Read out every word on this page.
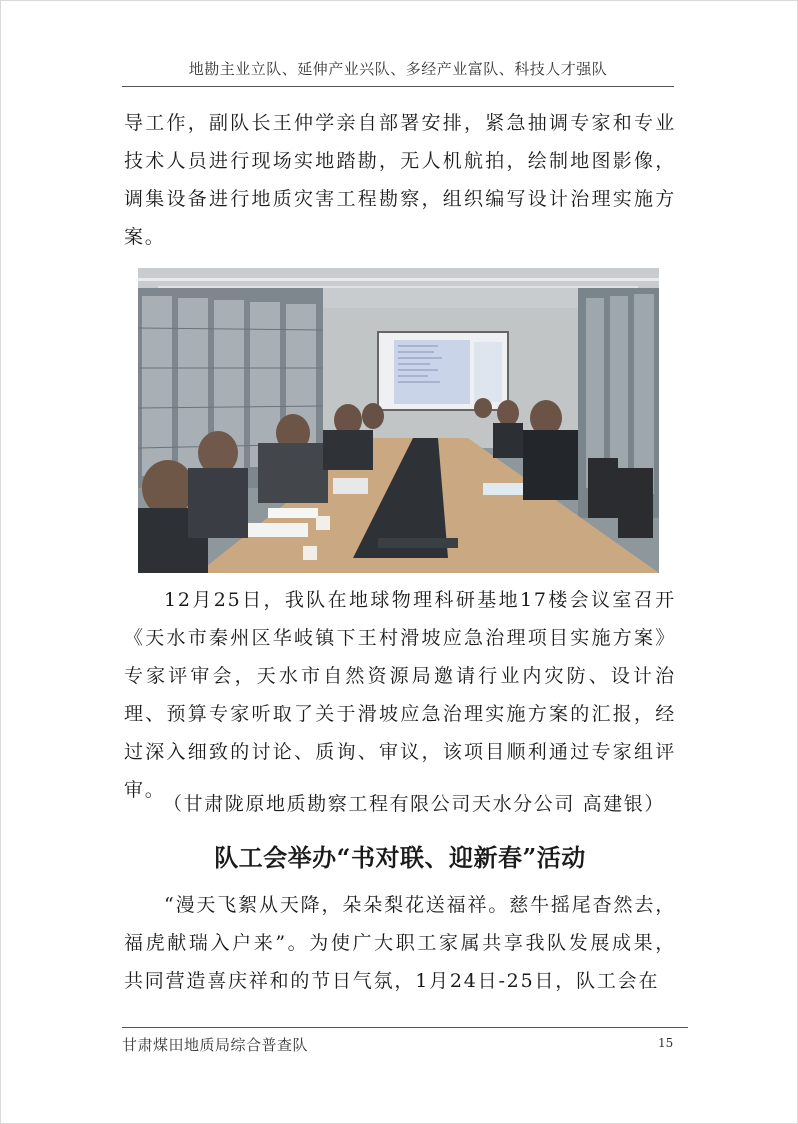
地勘主业立队、延伸产业兴队、多经产业富队、科技人才强队
导工作，副队长王仲学亲自部署安排，紧急抽调专家和专业技术人员进行现场实地踏勘，无人机航拍，绘制地图影像，调集设备进行地质灾害工程勘察，组织编写设计治理实施方案。
12月25日，我队在地球物理科研基地17楼会议室召开《天水市秦州区华岐镇下王村滑坡应急治理项目实施方案》专家评审会，天水市自然资源局邀请行业内灾防、设计治理、预算专家听取了关于滑坡应急治理实施方案的汇报，经过深入细致的讨论、质询、审议，该项目顺利通过专家组评审。
（甘肃陇原地质勘察工程有限公司天水分公司 高建银）
队工会举办“书对联、迎新春”活动
“漫天飞絮从天降，朵朵梨花送福祥。慈牛摇尾杳然去，福虎献瑞入户来”。为使广大职工家属共享我队发展成果，共同营造喜庆祥和的节日气氛，1月24日-25日，队工会在
甘肃煤田地质局综合普查队	15
